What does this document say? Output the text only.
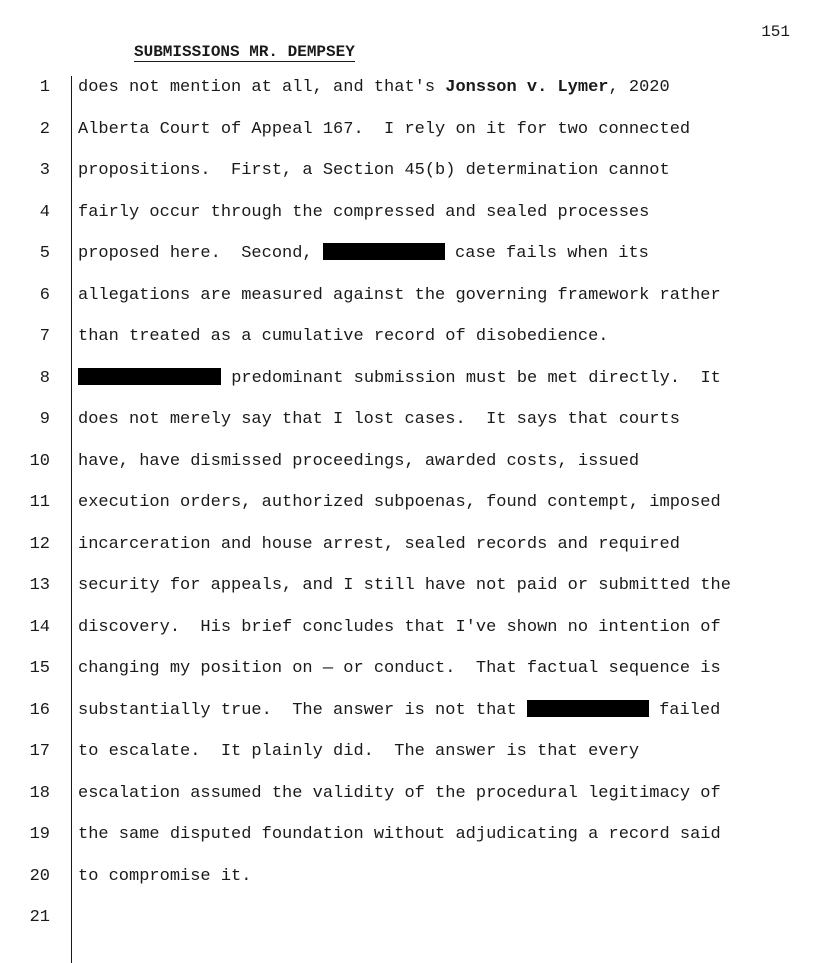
151
SUBMISSIONS MR. DEMPSEY
1 does not mention at all, and that's Jonsson v. Lymer, 2020
2 Alberta Court of Appeal 167.  I rely on it for two connected
3 propositions.  First, a Section 45(b) determination cannot
4 fairly occur through the compressed and sealed processes
5 proposed here.  Second,	case fails when its
6 allegations are measured against the governing framework rather
7 than treated as a cumulative record of disobedience.
8	predominant submission must be met directly.  It
9 does not merely say that I lost cases.  It says that courts
10 have, have dismissed proceedings, awarded costs, issued
11 execution orders, authorized subpoenas, found contempt, imposed
12 incarceration and house arrest, sealed records and required
13 security for appeals, and I still have not paid or submitted the
14 discovery.  His brief concludes that I've shown no intention of
15 changing my position on — or conduct.  That factual sequence is
16 substantially true.  The answer is not that	failed
17 to escalate.  It plainly did.  The answer is that every
18 escalation assumed the validity of the procedural legitimacy of
19 the same disputed foundation without adjudicating a record said
20 to compromise it.
21
